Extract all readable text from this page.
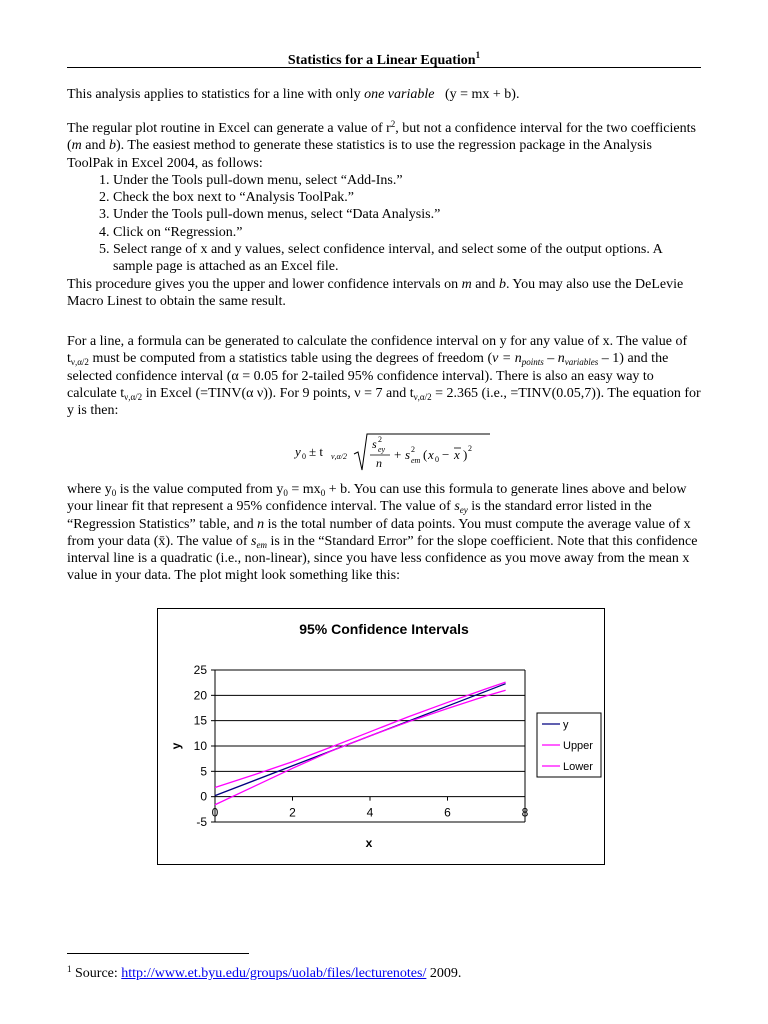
Statistics for a Linear Equation$^1$

This analysis applies to statistics for a line with only one variable (y = mx + b).

The regular plot routine in Excel can generate a value of $r^2$, but not a confidence interval for the two coefficients (m and b). The easiest method to generate these statistics is to use the regression package in the Analysis ToolPak in Excel 2004, as follows:

1. Under the Tools pull-down menu, select “Add-Ins.”
2. Check the box next to “Analysis ToolPak.”
3. Under the Tools pull-down menus, select “Data Analysis.”
4. Click on “Regression.”
5. Select range of x and y values, select confidence interval, and select some of the output options. A sample page is attached as an Excel file.

This procedure gives you the upper and lower confidence intervals on m and b. You may also use the DeLevie Macro Linest to obtain the same result.

For a line, a formula can be generated to calculate the confidence interval on y for any value of x. The value of $t_{\nu,\alpha/2}$ must be computed from a statistics table using the degrees of freedom $(\nu = n_{points} - n_{variables} - 1)$ and the selected confidence interval (α = 0.05 for 2-tailed 95% confidence interval). There is also an easy way to calculate $t_{\nu,\alpha/2}$ in Excel (=TINV(α ν)). For 9 points, ν = 7 and $t_{\nu,\alpha/2} = 2.365$ (i.e., =TINV(0.05,7)). The equation for y is then:

y 0 ± t ν,α/2
s 2
ey
n
+ s 2
em ( x 0 − x ) 2

where $y_0$ is the value computed from $y_0 = mx_0 + b$. You can use this formula to generate lines above and below your linear fit that represent a 95% confidence interval. The value of $s_{ey}$ is the standard error listed in the “Regression Statistics” table, and n is the total number of data points. You must compute the average value of x from your data (x̄). The value of $s_{em}$ is in the “Standard Error” for the slope coefficient. Note that this confidence interval line is a quadratic (i.e., non-linear), since you have less confidence as you move away from the mean x value in your data. The plot might look something like this:

95% Confidence Intervals
-5
0
5
10
15
20
25
0	2	4	6	8
x
y
y
Upper
Lower
$^1$ Source: http://www.et.byu.edu/groups/uolab/files/lecturenotes/ 2009.
